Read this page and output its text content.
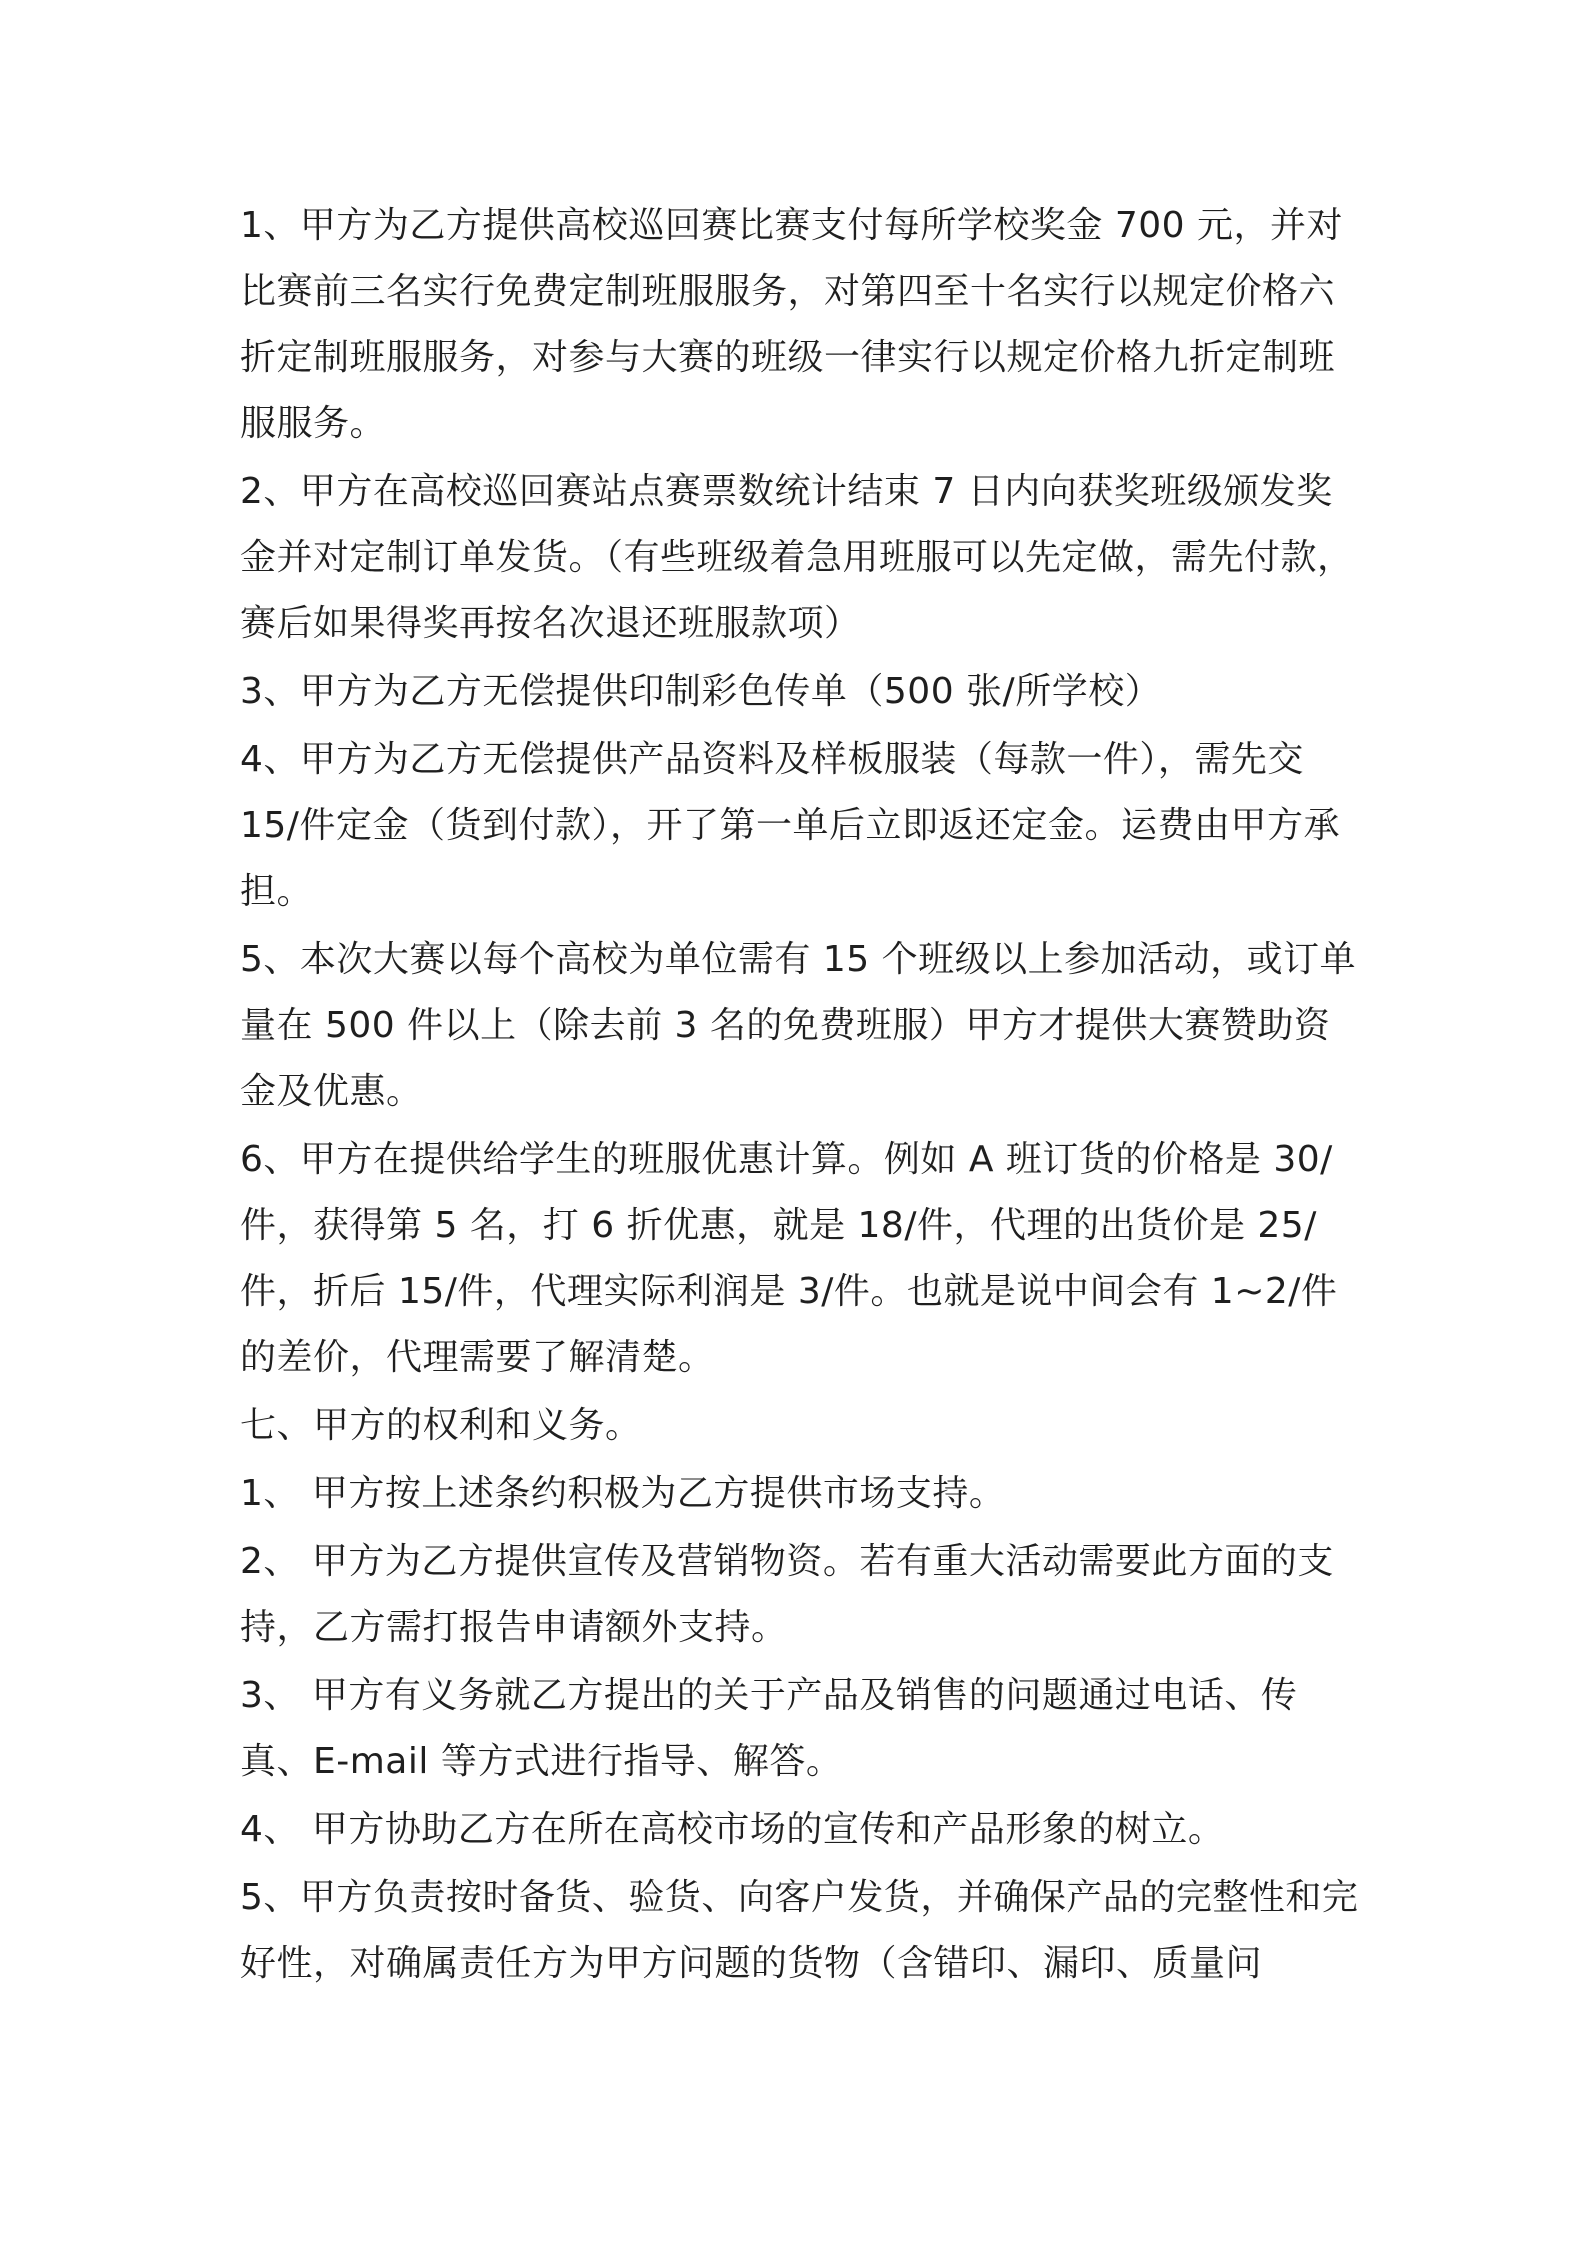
1、甲方为乙方提供高校巡回赛比赛支付每所学校奖金 700 元，并对比赛前三名实行免费定制班服服务，对第四至十名实行以规定价格六折定制班服服务，对参与大赛的班级一律实行以规定价格九折定制班服服务。

2、甲方在高校巡回赛站点赛票数统计结束 7 日内向获奖班级颁发奖金并对定制订单发货。（有些班级着急用班服可以先定做，需先付款，赛后如果得奖再按名次退还班服款项）

3、甲方为乙方无偿提供印制彩色传单（500 张/所学校）

4、甲方为乙方无偿提供产品资料及样板服装（每款一件），需先交 15/件定金（货到付款），开了第一单后立即返还定金。运费由甲方承担。

5、本次大赛以每个高校为单位需有 15 个班级以上参加活动，或订单量在 500 件以上（除去前 3 名的免费班服）甲方才提供大赛赞助资金及优惠。

6、甲方在提供给学生的班服优惠计算。例如 A 班订货的价格是 30/件，获得第 5 名，打 6 折优惠，就是 18/件，代理的出货价是 25/件，折后 15/件，代理实际利润是 3/件。也就是说中间会有 1~2/件的差价，代理需要了解清楚。

七、甲方的权利和义务。

1、 甲方按上述条约积极为乙方提供市场支持。

2、 甲方为乙方提供宣传及营销物资。若有重大活动需要此方面的支持，乙方需打报告申请额外支持。

3、 甲方有义务就乙方提出的关于产品及销售的问题通过电话、传真、E-mail 等方式进行指导、解答。

4、 甲方协助乙方在所在高校市场的宣传和产品形象的树立。

5、甲方负责按时备货、验货、向客户发货，并确保产品的完整性和完好性，对确属责任方为甲方问题的货物（含错印、漏印、质量问
